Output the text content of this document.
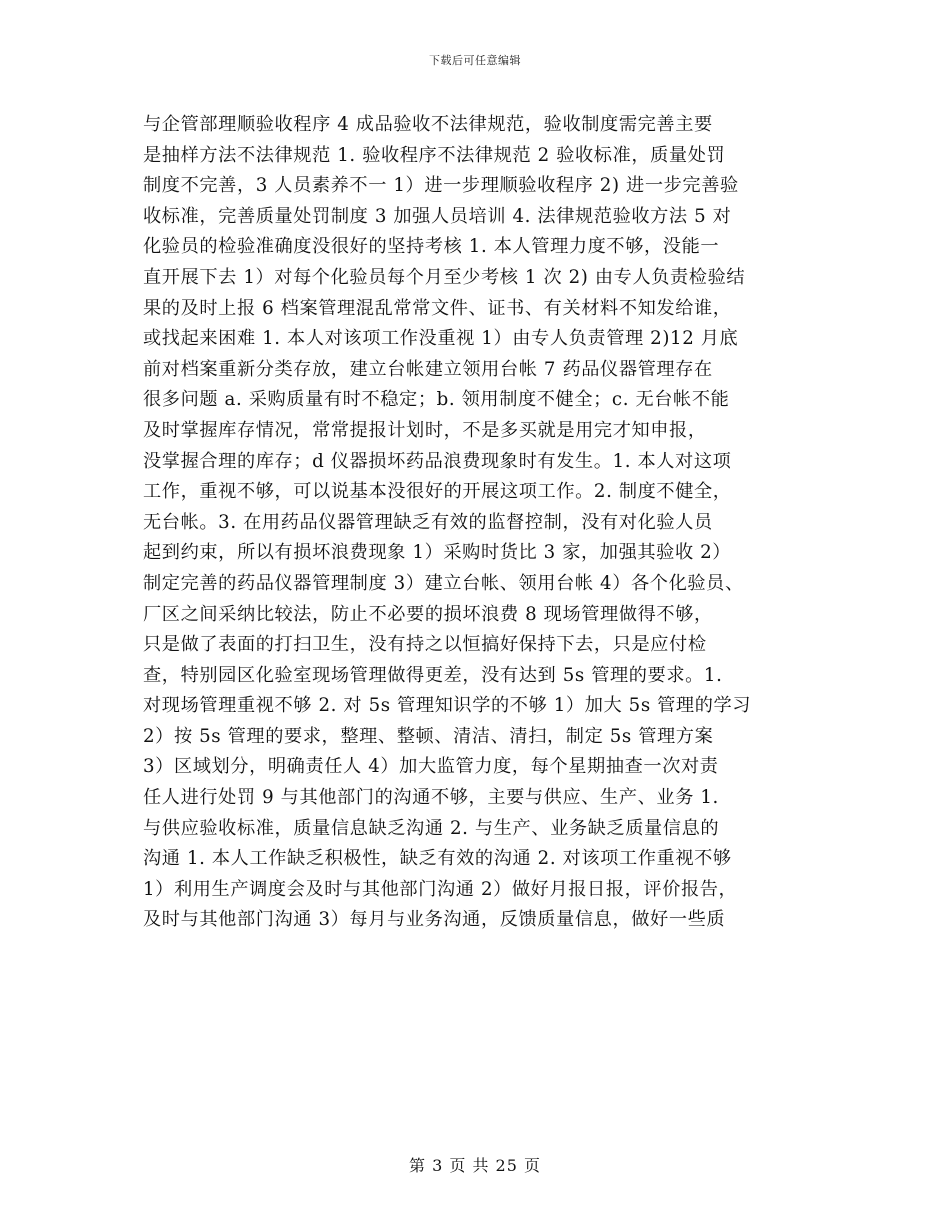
下载后可任意编辑
与企管部理顺验收程序 4 成品验收不法律规范，验收制度需完善主要
是抽样方法不法律规范 1. 验收程序不法律规范 2 验收标准，质量处罚
制度不完善，3 人员素养不一 1）进一步理顺验收程序 2) 进一步完善验
收标准，完善质量处罚制度 3 加强人员培训 4. 法律规范验收方法 5 对
化验员的检验准确度没很好的坚持考核 1. 本人管理力度不够，没能一
直开展下去 1）对每个化验员每个月至少考核 1 次 2) 由专人负责检验结
果的及时上报 6 档案管理混乱常常文件、证书、有关材料不知发给谁，
或找起来困难 1. 本人对该项工作没重视 1）由专人负责管理 2)12 月底
前对档案重新分类存放，建立台帐建立领用台帐 7 药品仪器管理存在
很多问题 a. 采购质量有时不稳定；b. 领用制度不健全；c. 无台帐不能
及时掌握库存情况，常常提报计划时，不是多买就是用完才知申报，
没掌握合理的库存；d 仪器损坏药品浪费现象时有发生。1. 本人对这项
工作，重视不够，可以说基本没很好的开展这项工作。2. 制度不健全，
无台帐。3. 在用药品仪器管理缺乏有效的监督控制，没有对化验人员
起到约束，所以有损坏浪费现象 1）采购时货比 3 家，加强其验收 2）
制定完善的药品仪器管理制度 3）建立台帐、领用台帐 4）各个化验员、
厂区之间采纳比较法，防止不必要的损坏浪费 8 现场管理做得不够，
只是做了表面的打扫卫生，没有持之以恒搞好保持下去，只是应付检
查，特别园区化验室现场管理做得更差，没有达到 5s 管理的要求。1.
对现场管理重视不够 2. 对 5s 管理知识学的不够 1）加大 5s 管理的学习
2）按 5s 管理的要求，整理、整顿、清洁、清扫，制定 5s 管理方案
3）区域划分，明确责任人 4）加大监管力度，每个星期抽查一次对责
任人进行处罚 9 与其他部门的沟通不够，主要与供应、生产、业务 1.
与供应验收标准，质量信息缺乏沟通 2. 与生产、业务缺乏质量信息的
沟通 1. 本人工作缺乏积极性，缺乏有效的沟通 2. 对该项工作重视不够
1）利用生产调度会及时与其他部门沟通 2）做好月报日报，评价报告，
及时与其他部门沟通 3）每月与业务沟通，反馈质量信息，做好一些质
第 3 页 共 25 页
